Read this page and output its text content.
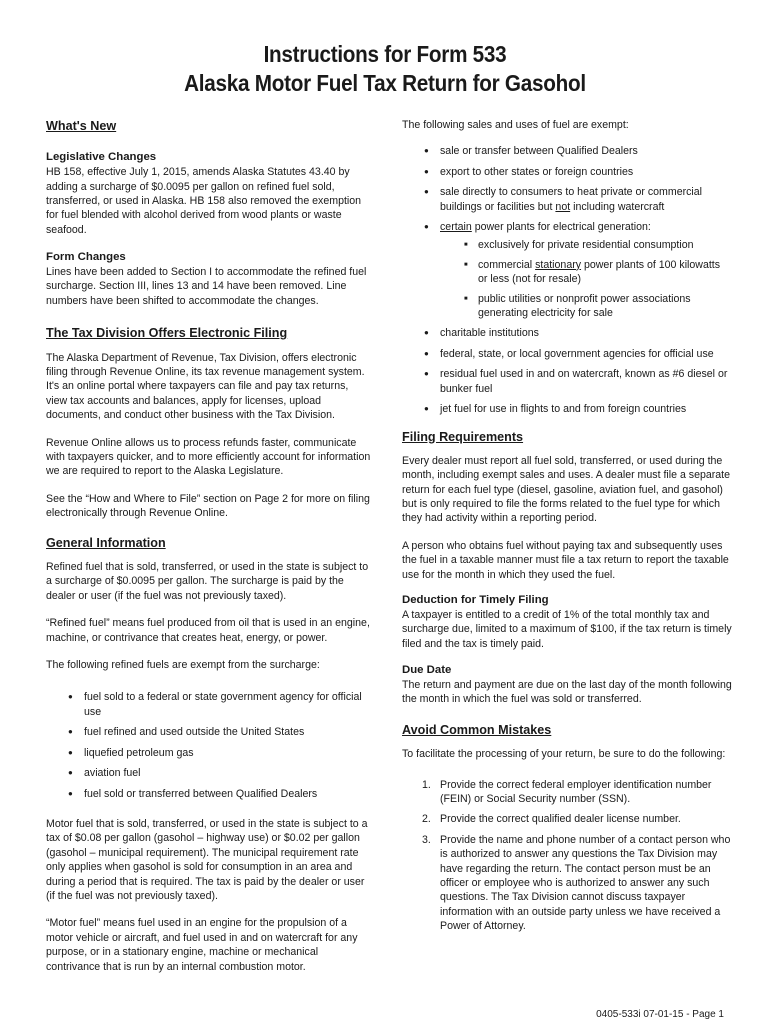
Instructions for Form 533
Alaska Motor Fuel Tax Return for Gasohol
What's New
Legislative Changes

HB 158, effective July 1, 2015, amends Alaska Statutes 43.40 by adding a surcharge of $0.0095 per gallon on refined fuel sold, transferred, or used in Alaska. HB 158 also removed the exemption for fuel blended with alcohol derived from wood plants or waste seafood.

Form Changes

Lines have been added to Section I to accommodate the refined fuel surcharge. Section III, lines 13 and 14 have been removed. Line numbers have been shifted to accommodate the changes.

The Tax Division Offers Electronic Filing

The Alaska Department of Revenue, Tax Division, offers electronic filing through Revenue Online, its tax revenue management system. It's an online portal where taxpayers can file and pay tax returns, view tax accounts and balances, apply for licenses, upload documents, and conduct other business with the Tax Division.

Revenue Online allows us to process refunds faster, communicate with taxpayers quicker, and to more efficiently account for information we are required to report to the Alaska Legislature.

See the “How and Where to File” section on Page 2 for more on filing electronically through Revenue Online.

General Information

Refined fuel that is sold, transferred, or used in the state is subject to a surcharge of $0.0095 per gallon. The surcharge is paid by the dealer or user (if the fuel was not previously taxed).

“Refined fuel” means fuel produced from oil that is used in an engine, machine, or contrivance that creates heat, energy, or power.

The following refined fuels are exempt from the surcharge:

● fuel sold to a federal or state government agency for official use
● fuel refined and used outside the United States
● liquefied petroleum gas
● aviation fuel
● fuel sold or transferred between Qualified Dealers

Motor fuel that is sold, transferred, or used in the state is subject to a tax of $0.08 per gallon (gasohol – highway use) or $0.02 per gallon (gasohol – municipal requirement). The municipal requirement rate only applies when gasohol is sold for consumption in an area and during a period that is required. The tax is paid by the dealer or user (if the fuel was not previously taxed).

“Motor fuel” means fuel used in an engine for the propulsion of a motor vehicle or aircraft, and fuel used in and on watercraft for any purpose, or in a stationary engine, machine or mechanical contrivance that is run by an internal combustion motor.

The following sales and uses of fuel are exempt:

● sale or transfer between Qualified Dealers
● export to other states or foreign countries
● sale directly to consumers to heat private or commercial buildings or facilities but not including watercraft
● certain power plants for electrical generation:
■ exclusively for private residential consumption
■ commercial stationary power plants of 100 kilowatts or less (not for resale)
■ public utilities or nonprofit power associations generating electricity for sale
● charitable institutions
● federal, state, or local government agencies for official use
● residual fuel used in and on watercraft, known as #6 diesel or bunker fuel
● jet fuel for use in flights to and from foreign countries
Filing Requirements

Every dealer must report all fuel sold, transferred, or used during the month, including exempt sales and uses. A dealer must file a separate return for each fuel type (diesel, gasoline, aviation fuel, and gasohol) but is only required to file the forms related to the fuel type for which they had activity within a reporting period.

A person who obtains fuel without paying tax and subsequently uses the fuel in a taxable manner must file a tax return to report the taxable use for the month in which they used the fuel.

Deduction for Timely Filing

A taxpayer is entitled to a credit of 1% of the total monthly tax and surcharge due, limited to a maximum of $100, if the tax return is timely filed and the tax is timely paid.

Due Date

The return and payment are due on the last day of the month following the month in which the fuel was sold or transferred.

Avoid Common Mistakes

To facilitate the processing of your return, be sure to do the following:

1. Provide the correct federal employer identification number (FEIN) or Social Security number (SSN).
2. Provide the correct qualified dealer license number.
3. Provide the name and phone number of a contact person who is authorized to answer any questions the Tax Division may have regarding the return. The contact person must be an officer or employee who is authorized to answer any such questions. The Tax Division cannot discuss taxpayer information with an outside party unless we have received a Power of Attorney.
0405-533i 07-01-15 - Page 1
